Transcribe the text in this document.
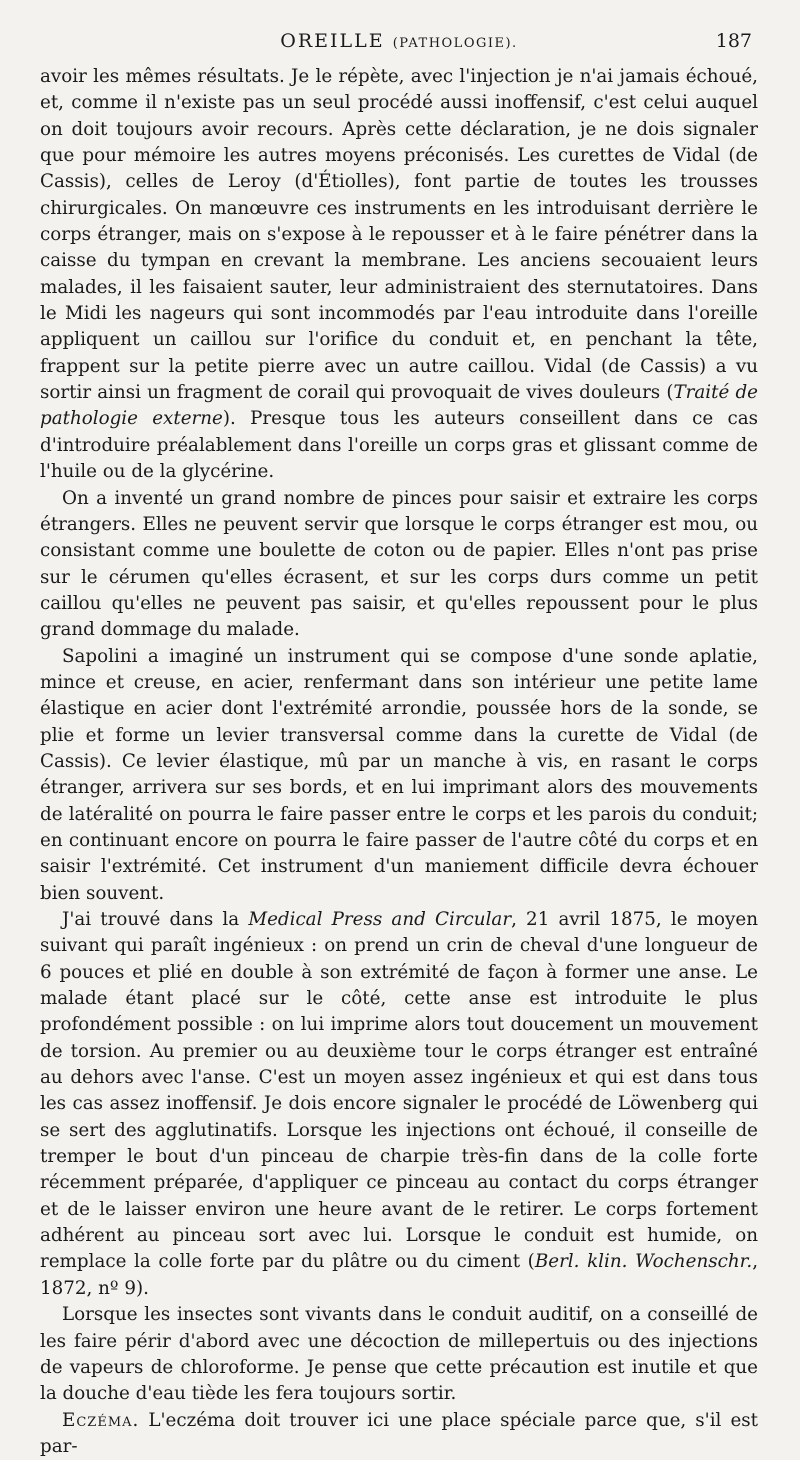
OREILLE (PATHOLOGIE).	187

avoir les mêmes résultats. Je le répète, avec l'injection je n'ai jamais échoué, et, comme il n'existe pas un seul procédé aussi inoffensif, c'est celui auquel on doit toujours avoir recours. Après cette déclaration, je ne dois signaler que pour mémoire les autres moyens préconisés. Les curettes de Vidal (de Cassis), celles de Leroy (d'Étiolles), font partie de toutes les trousses chirurgicales. On manœuvre ces instruments en les introduisant derrière le corps étranger, mais on s'expose à le repousser et à le faire pénétrer dans la caisse du tympan en crevant la membrane. Les anciens secouaient leurs malades, il les faisaient sauter, leur administraient des sternutatoires. Dans le Midi les nageurs qui sont incommodés par l'eau introduite dans l'oreille appliquent un caillou sur l'orifice du conduit et, en penchant la tête, frappent sur la petite pierre avec un autre caillou. Vidal (de Cassis) a vu sortir ainsi un fragment de corail qui provoquait de vives douleurs (Traité de pathologie externe). Presque tous les auteurs conseillent dans ce cas d'introduire préalablement dans l'oreille un corps gras et glissant comme de l'huile ou de la glycérine.

On a inventé un grand nombre de pinces pour saisir et extraire les corps étrangers. Elles ne peuvent servir que lorsque le corps étranger est mou, ou consistant comme une boulette de coton ou de papier. Elles n'ont pas prise sur le cérumen qu'elles écrasent, et sur les corps durs comme un petit caillou qu'elles ne peuvent pas saisir, et qu'elles repoussent pour le plus grand dommage du malade.

Sapolini a imaginé un instrument qui se compose d'une sonde aplatie, mince et creuse, en acier, renfermant dans son intérieur une petite lame élastique en acier dont l'extrémité arrondie, poussée hors de la sonde, se plie et forme un levier transversal comme dans la curette de Vidal (de Cassis). Ce levier élastique, mû par un manche à vis, en rasant le corps étranger, arrivera sur ses bords, et en lui imprimant alors des mouvements de latéralité on pourra le faire passer entre le corps et les parois du conduit; en continuant encore on pourra le faire passer de l'autre côté du corps et en saisir l'extrémité. Cet instrument d'un maniement difficile devra échouer bien souvent.

J'ai trouvé dans la Medical Press and Circular, 21 avril 1875, le moyen suivant qui paraît ingénieux : on prend un crin de cheval d'une longueur de 6 pouces et plié en double à son extrémité de façon à former une anse. Le malade étant placé sur le côté, cette anse est introduite le plus profondément possible : on lui imprime alors tout doucement un mouvement de torsion. Au premier ou au deuxième tour le corps étranger est entraîné au dehors avec l'anse. C'est un moyen assez ingénieux et qui est dans tous les cas assez inoffensif. Je dois encore signaler le procédé de Löwenberg qui se sert des agglutinatifs. Lorsque les injections ont échoué, il conseille de tremper le bout d'un pinceau de charpie très-fin dans de la colle forte récemment préparée, d'appliquer ce pinceau au contact du corps étranger et de le laisser environ une heure avant de le retirer. Le corps fortement adhérent au pinceau sort avec lui. Lorsque le conduit est humide, on remplace la colle forte par du plâtre ou du ciment (Berl. klin. Wochenschr., 1872, nº 9).

Lorsque les insectes sont vivants dans le conduit auditif, on a conseillé de les faire périr d'abord avec une décoction de millepertuis ou des injections de vapeurs de chloroforme. Je pense que cette précaution est inutile et que la douche d'eau tiède les fera toujours sortir.

Eczéma. L'eczéma doit trouver ici une place spéciale parce que, s'il est par-
